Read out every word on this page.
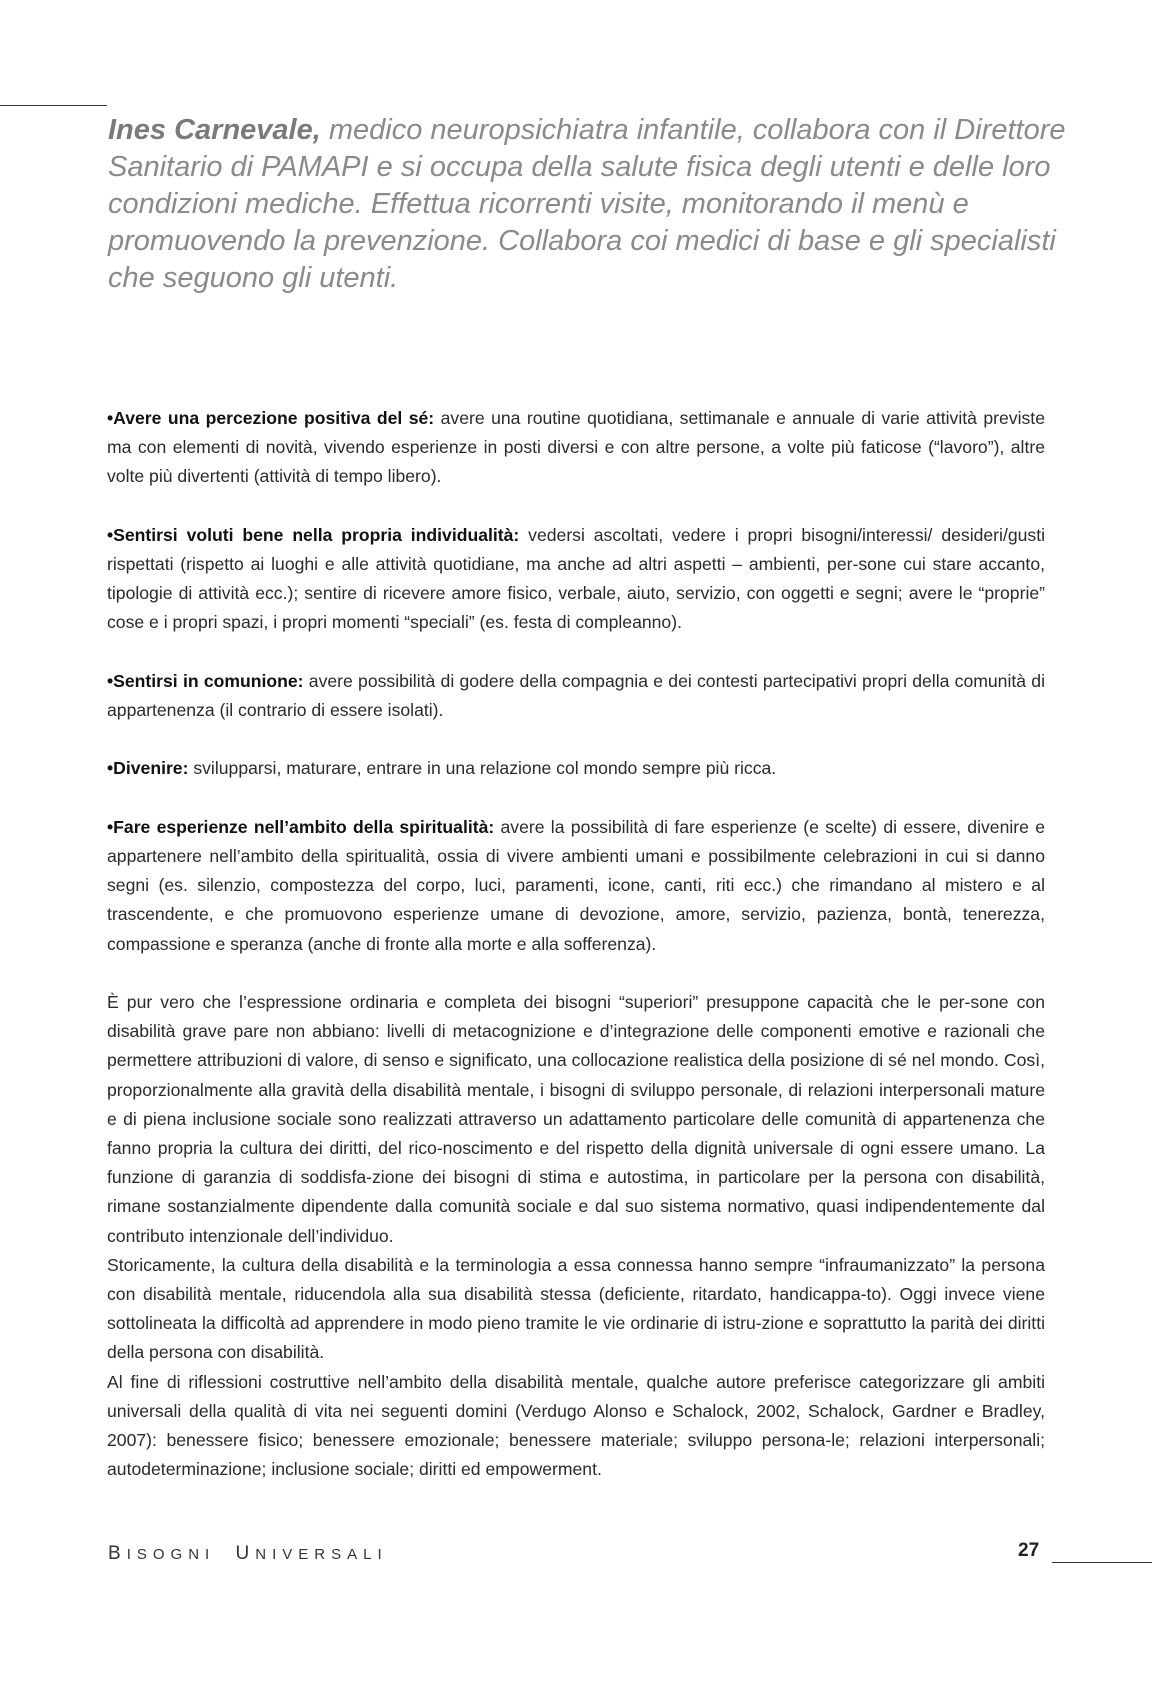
Ines Carnevale, medico neuropsichiatra infantile, collabora con il Direttore Sanitario di PAMAPI e si occupa della salute fisica degli utenti e delle loro condizioni mediche. Effettua ricorrenti visite, monitorando il menù e promuovendo la prevenzione. Collabora coi medici di base e gli specialisti che seguono gli utenti.

•Avere una percezione positiva del sé: avere una routine quotidiana, settimanale e annuale di varie attività previste ma con elementi di novità, vivendo esperienze in posti diversi e con altre persone, a volte più faticose (“lavoro”), altre volte più divertenti (attività di tempo libero).

•Sentirsi voluti bene nella propria individualità: vedersi ascoltati, vedere i propri bisogni/interessi/ desideri/gusti rispettati (rispetto ai luoghi e alle attività quotidiane, ma anche ad altri aspetti – ambienti, per-sone cui stare accanto, tipologie di attività ecc.); sentire di ricevere amore fisico, verbale, aiuto, servizio, con oggetti e segni; avere le “proprie” cose e i propri spazi, i propri momenti “speciali” (es. festa di compleanno).

•Sentirsi in comunione: avere possibilità di godere della compagnia e dei contesti partecipativi propri della comunità di appartenenza (il contrario di essere isolati).

•Divenire: svilupparsi, maturare, entrare in una relazione col mondo sempre più ricca.

•Fare esperienze nell’ambito della spiritualità: avere la possibilità di fare esperienze (e scelte) di essere, divenire e appartenere nell’ambito della spiritualità, ossia di vivere ambienti umani e possibilmente celebrazioni in cui si danno segni (es. silenzio, compostezza del corpo, luci, paramenti, icone, canti, riti ecc.) che rimandano al mistero e al trascendente, e che promuovono esperienze umane di devozione, amore, servizio, pazienza, bontà, tenerezza, compassione e speranza (anche di fronte alla morte e alla sofferenza).

È pur vero che l’espressione ordinaria e completa dei bisogni “superiori” presuppone capacità che le per-sone con disabilità grave pare non abbiano: livelli di metacognizione e d’integrazione delle componenti emotive e razionali che permettere attribuzioni di valore, di senso e significato, una collocazione realistica della posizione di sé nel mondo. Così, proporzionalmente alla gravità della disabilità mentale, i bisogni di sviluppo personale, di relazioni interpersonali mature e di piena inclusione sociale sono realizzati attraverso un adattamento particolare delle comunità di appartenenza che fanno propria la cultura dei diritti, del rico-noscimento e del rispetto della dignità universale di ogni essere umano. La funzione di garanzia di soddisfa-zione dei bisogni di stima e autostima, in particolare per la persona con disabilità, rimane sostanzialmente dipendente dalla comunità sociale e dal suo sistema normativo, quasi indipendentemente dal contributo intenzionale dell’individuo.

Storicamente, la cultura della disabilità e la terminologia a essa connessa hanno sempre “infraumanizzato” la persona con disabilità mentale, riducendola alla sua disabilità stessa (deficiente, ritardato, handicappa-to). Oggi invece viene sottolineata la difficoltà ad apprendere in modo pieno tramite le vie ordinarie di istru-zione e soprattutto la parità dei diritti della persona con disabilità.

Al fine di riflessioni costruttive nell’ambito della disabilità mentale, qualche autore preferisce categorizzare gli ambiti universali della qualità di vita nei seguenti domini (Verdugo Alonso e Schalock, 2002, Schalock, Gardner e Bradley, 2007): benessere fisico; benessere emozionale; benessere materiale; sviluppo persona-le; relazioni interpersonali; autodeterminazione; inclusione sociale; diritti ed empowerment.

BISOGNI UNIVERSALI	27
